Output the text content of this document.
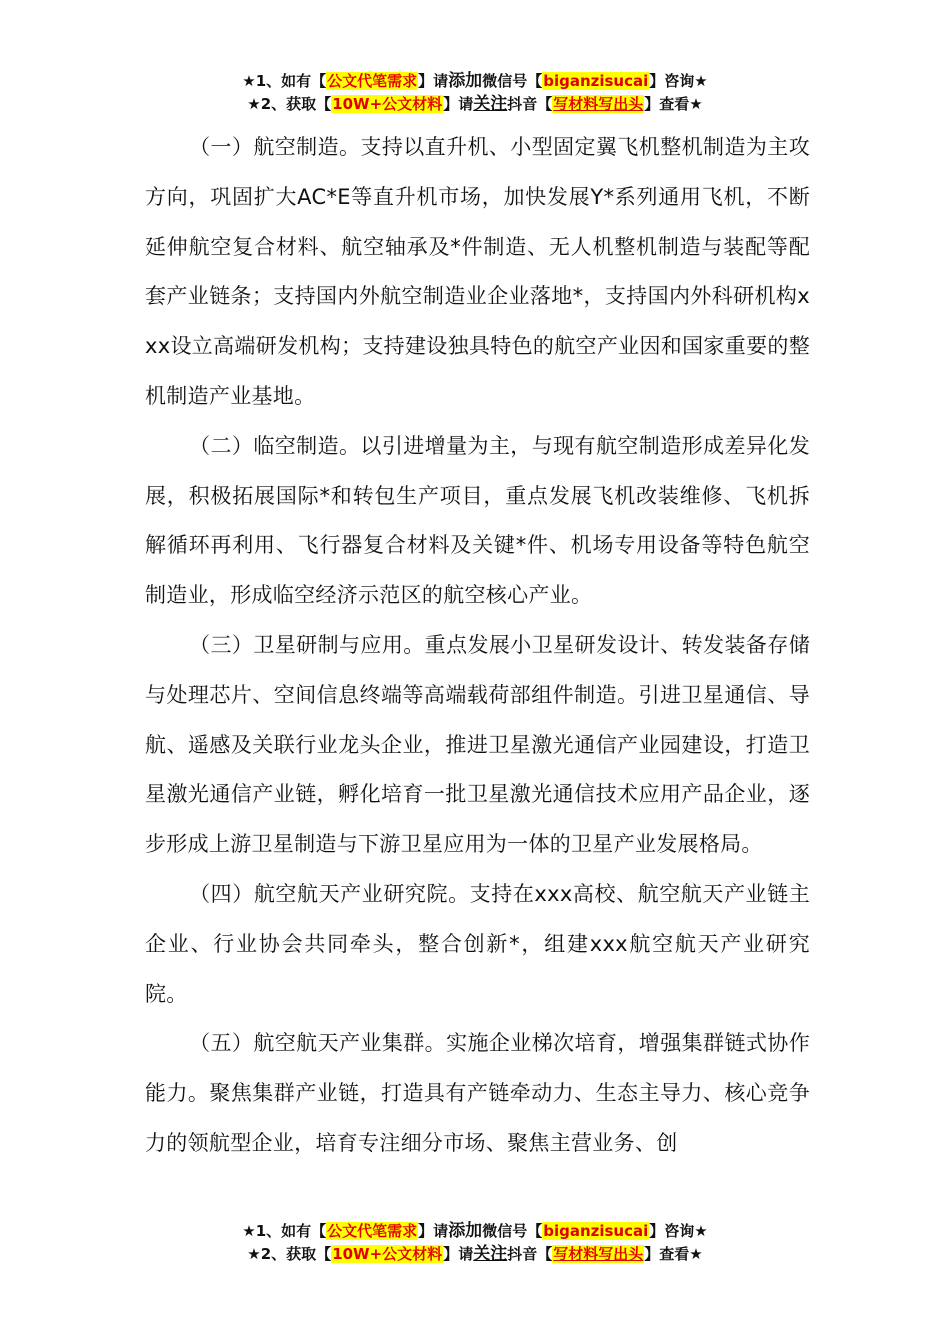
★1、如有【公文代笔需求】请添加微信号【biganzisucai】咨询★
★2、获取【10W+公文材料】请关注抖音【写材料写出头】查看★

（一）航空制造。支持以直升机、小型固定翼飞机整机制造为主攻方向，巩固扩大AC*E等直升机市场，加快发展Y*系列通用飞机，不断延伸航空复合材料、航空轴承及*件制造、无人机整机制造与装配等配套产业链条；支持国内外航空制造业企业落地*，支持国内外科研机构xxx设立高端研发机构；支持建设独具特色的航空产业因和国家重要的整机制造产业基地。

（二）临空制造。以引进增量为主，与现有航空制造形成差异化发展，积极拓展国际*和转包生产项目，重点发展飞机改装维修、飞机拆解循环再利用、飞行器复合材料及关键*件、机场专用设备等特色航空制造业，形成临空经济示范区的航空核心产业。

（三）卫星研制与应用。重点发展小卫星研发设计、转发装备存储与处理芯片、空间信息终端等高端载荷部组件制造。引进卫星通信、导航、遥感及关联行业龙头企业，推进卫星激光通信产业园建设，打造卫星激光通信产业链，孵化培育一批卫星激光通信技术应用产品企业，逐步形成上游卫星制造与下游卫星应用为一体的卫星产业发展格局。

（四）航空航天产业研究院。支持在xxx高校、航空航天产业链主企业、行业协会共同牵头，整合创新*，组建xxx航空航天产业研究院。

（五）航空航天产业集群。实施企业梯次培育，增强集群链式协作能力。聚焦集群产业链，打造具有产链牵动力、生态主导力、核心竞争力的领航型企业，培育专注细分市场、聚焦主营业务、创

★1、如有【公文代笔需求】请添加微信号【biganzisucai】咨询★
★2、获取【10W+公文材料】请关注抖音【写材料写出头】查看★
